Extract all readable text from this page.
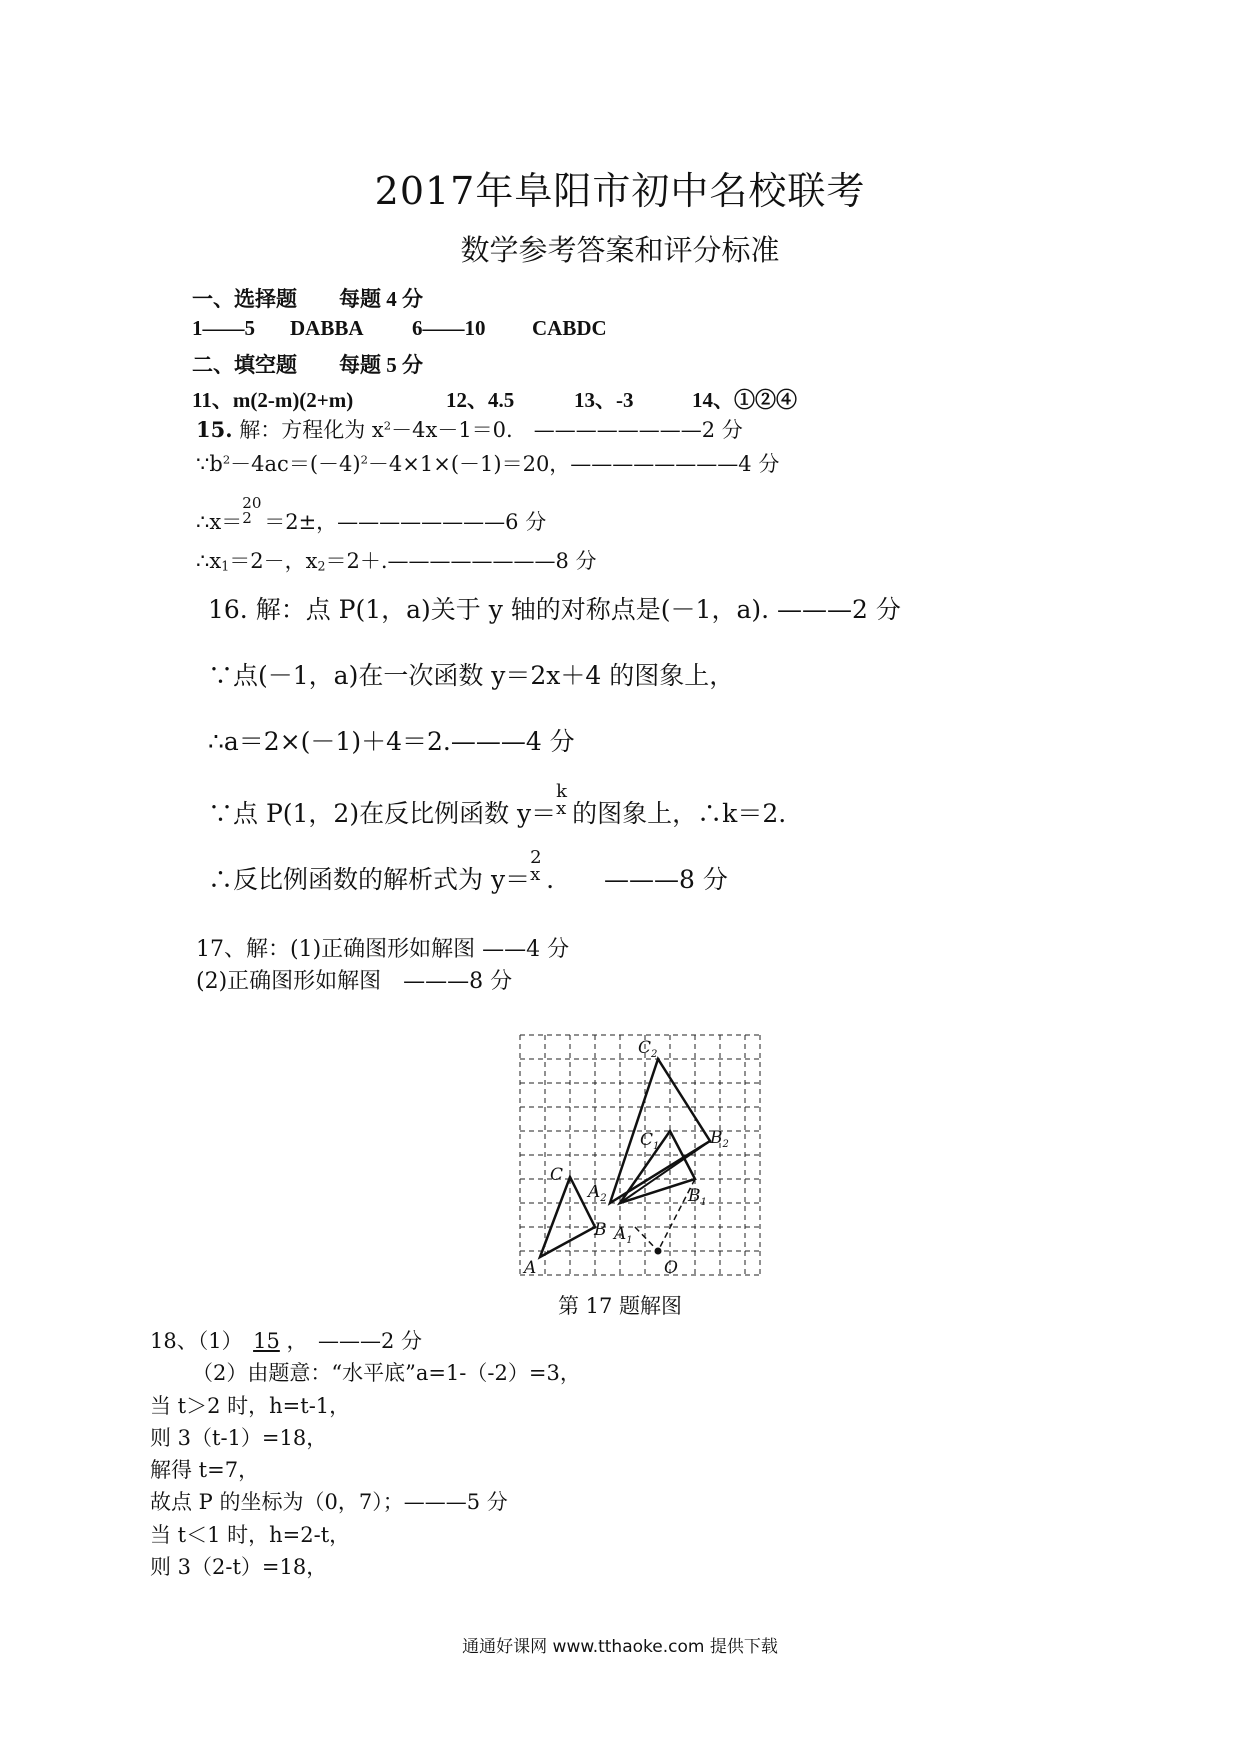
2017年阜阳市初中名校联考
数学参考答案和评分标准
一、选择题　　每题 4 分
1——5 DABBA 6——10 CABDC
二、填空题　　每题 5 分
11、m(2-m)(2+m)	12、4.5	13、-3	14、①②④
15. 解：方程化为 $x^2-4x-1=0$.　————————2 分
$\because b^2-4ac=(-4)^2-4\times 1\times(-1)=20$，————————4 分
∴x＝
20
2 ＝2±，————————6 分
$\therefore x_1=2-$，$x_2=2+.————————8$ 分
16. 解：点 P(1，a)关于 y 轴的对称点是(－1，a). ———2 分
∵点(－1，a)在一次函数 y＝2x＋4 的图象上，
∴a＝2×(－1)＋4＝2.———4 分
∵点 P(1，2)在反比例函数 y＝
k
x 的图象上，∴k＝2.
∴反比例函数的解析式为 y＝
2
x .　　———8 分
17、解：(1)正确图形如解图 ——4 分
(2)正确图形如解图　———8 分
$C_2$
$B_2$
$C_1$
$A_2$	$B_1$
$A_1$
C
B
A	O
第 17 题解图
18、（1）　15 ，　———2 分
（2）由题意：“水平底”a=1-（-2）=3，
当 t＞2 时，h=t-1，
则 3（t-1）=18，
解得 t=7，
故点 P 的坐标为（0，7）；———5 分
当 t＜1 时，h=2-t，
则 3（2-t）=18，
通通好课网 www.tthaoke.com 提供下载
